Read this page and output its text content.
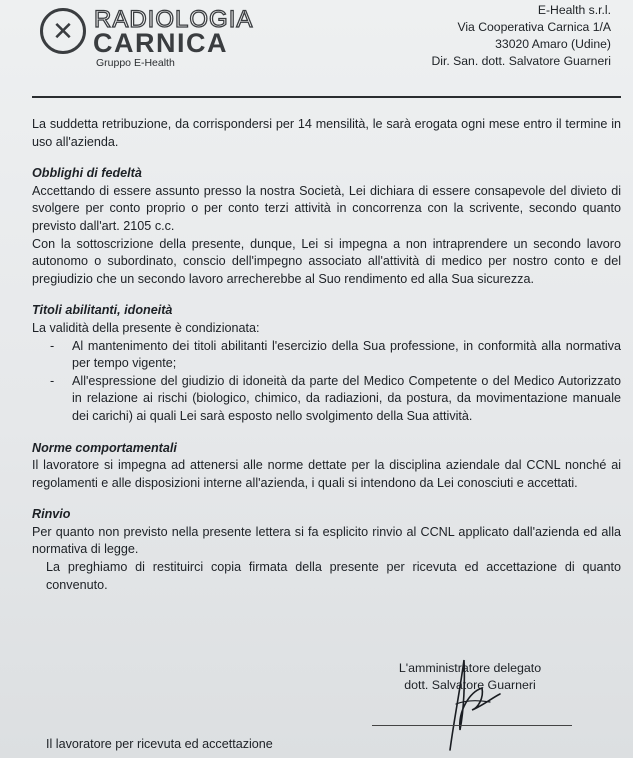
✕ RADIOLOGIA
CARNICA
Gruppo E-Health
E-Health s.r.l.
Via Cooperativa Carnica 1/A
33020 Amaro (Udine)
Dir. San. dott. Salvatore Guarneri

La suddetta retribuzione, da corrispondersi per 14 mensilità, le sarà erogata ogni mese entro il termine in uso all'azienda.

Obblighi di fedeltà

Accettando di essere assunto presso la nostra Società, Lei dichiara di essere consapevole del divieto di svolgere per conto proprio o per conto terzi attività in concorrenza con la scrivente, secondo quanto previsto dall'art. 2105 c.c.

Con la sottoscrizione della presente, dunque, Lei si impegna a non intraprendere un secondo lavoro autonomo o subordinato, conscio dell'impegno associato all'attività di medico per nostro conto e del pregiudizio che un secondo lavoro arrecherebbe al Suo rendimento ed alla Sua sicurezza.

Titoli abilitanti, idoneità

La validità della presente è condizionata:

- Al mantenimento dei titoli abilitanti l'esercizio della Sua professione, in conformità alla normativa per tempo vigente;
- All'espressione del giudizio di idoneità da parte del Medico Competente o del Medico Autorizzato in relazione ai rischi (biologico, chimico, da radiazioni, da postura, da movimentazione manuale dei carichi) ai quali Lei sarà esposto nello svolgimento della Sua attività.
Norme comportamentali

Il lavoratore si impegna ad attenersi alle norme dettate per la disciplina aziendale dal CCNL nonché ai regolamenti e alle disposizioni interne all'azienda, i quali si intendono da Lei conosciuti e accettati.

Rinvio

Per quanto non previsto nella presente lettera si fa esplicito rinvio al CCNL applicato dall'azienda ed alla normativa di legge.

La preghiamo di restituirci copia firmata della presente per ricevuta ed accettazione di quanto convenuto.

L'amministratore delegato
dott. Salvatore Guarneri
Il lavoratore per ricevuta ed accettazione
